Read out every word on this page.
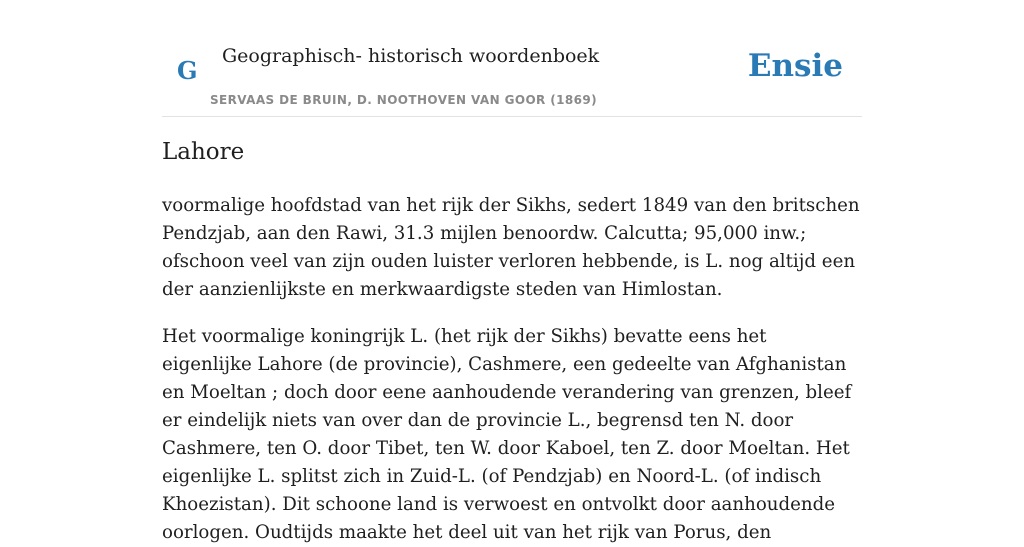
G Geographisch- historisch woordenboek
SERVAAS DE BRUIN, D. NOOTHOVEN VAN GOOR (1869)
Ensie
Lahore

voormalige hoofdstad van het rijk der Sikhs, sedert 1849 van den britschen Pendzjab, aan den Rawi, 31.3 mijlen benoordw. Calcutta; 95,000 inw.; ofschoon veel van zijn ouden luister verloren hebbende, is L. nog altijd een der aanzienlijkste en merkwaardigste steden van Himlostan.

Het voormalige koningrijk L. (het rijk der Sikhs) bevatte eens het eigenlijke Lahore (de provincie), Cashmere, een gedeelte van Afghanistan en Moeltan ; doch door eene aanhoudende verandering van grenzen, bleef er eindelijk niets van over dan de provincie L., begrensd ten N. door Cashmere, ten O. door Tibet, ten W. door Kaboel, ten Z. door Moeltan. Het eigenlijke L. splitst zich in Zuid-L. (of Pendzjab) en Noord-L. (of indisch Khoezistan). Dit schoone land is verwoest en ontvolkt door aanhoudende oorlogen. Oudtijds maakte het deel uit van het rijk van Porus, den
